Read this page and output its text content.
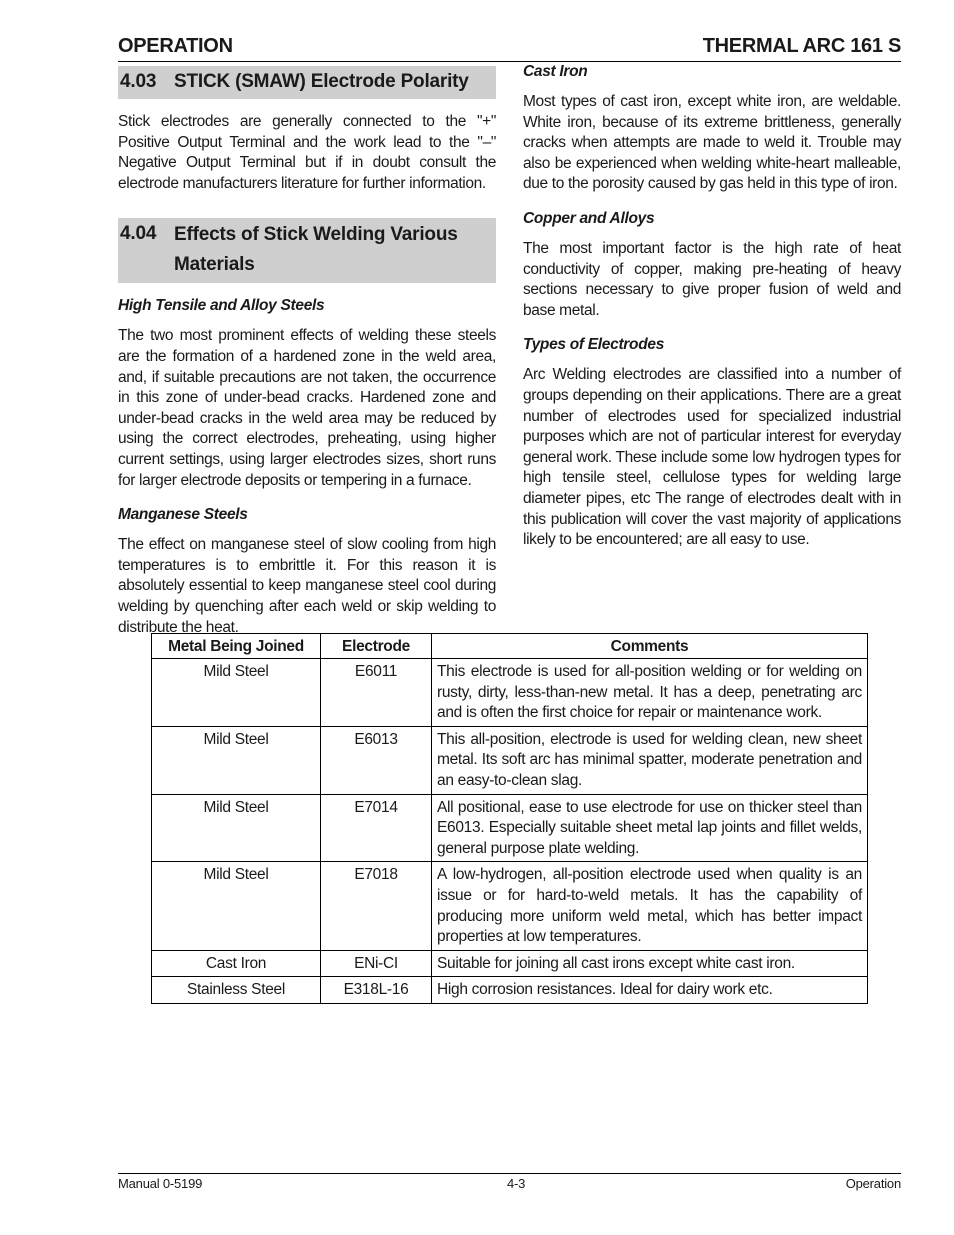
OPERATION	THERMAL ARC 161 S
4.03 STICK (SMAW) Electrode Polarity

Stick electrodes are generally connected to the "+" Positive Output Terminal and the work lead to the "–" Negative Output Terminal but if in doubt consult the electrode manufacturers literature for further information.

4.04 Effects of Stick Welding Various Materials
High Tensile and Alloy Steels

The two most prominent effects of welding these steels are the formation of a hardened zone in the weld area, and, if suitable precautions are not taken, the occurrence in this zone of under-bead cracks. Hardened zone and under-bead cracks in the weld area may be reduced by using the correct electrodes, preheating, using higher current settings, using larger electrodes sizes, short runs for larger electrode deposits or tempering in a furnace.

Manganese Steels

The effect on manganese steel of slow cooling from high temperatures is to embrittle it. For this reason it is absolutely essential to keep manganese steel cool during welding by quenching after each weld or skip welding to distribute the heat.

Cast Iron

Most types of cast iron, except white iron, are weldable. White iron, because of its extreme brittleness, generally cracks when attempts are made to weld it. Trouble may also be experienced when welding white-heart malleable, due to the porosity caused by gas held in this type of iron.

Copper and Alloys

The most important factor is the high rate of heat conductivity of copper, making pre-heating of heavy sections necessary to give proper fusion of weld and base metal.

Types of Electrodes

Arc Welding electrodes are classified into a number of groups depending on their applications. There are a great number of electrodes used for specialized industrial purposes which are not of particular interest for everyday general work. These include some low hydrogen types for high tensile steel, cellulose types for welding large diameter pipes, etc The range of electrodes dealt with in this publication will cover the vast majority of applications likely to be encountered; are all easy to use.

Metal Being Joined	Electrode	Comments
Mild Steel	E6011	This electrode is used for all-position welding or for welding on rusty, dirty, less-than-new metal. It has a deep, penetrating arc and is often the first choice for repair or maintenance work.
Mild Steel	E6013	This all-position, electrode is used for welding clean, new sheet metal. Its soft arc has minimal spatter, moderate penetration and an easy-to-clean slag.
Mild Steel	E7014	All positional, ease to use electrode for use on thicker steel than E6013. Especially suitable sheet metal lap joints and fillet welds, general purpose plate welding.
Mild Steel	E7018	A low-hydrogen, all-position electrode used when quality is an issue or for hard-to-weld metals. It has the capability of producing more uniform weld metal, which has better impact properties at low temperatures.
Cast Iron	ENi-CI	Suitable for joining all cast irons except white cast iron.
Stainless Steel	E318L-16	High corrosion resistances. Ideal for dairy work etc.
Manual 0-5199	4-3	Operation
